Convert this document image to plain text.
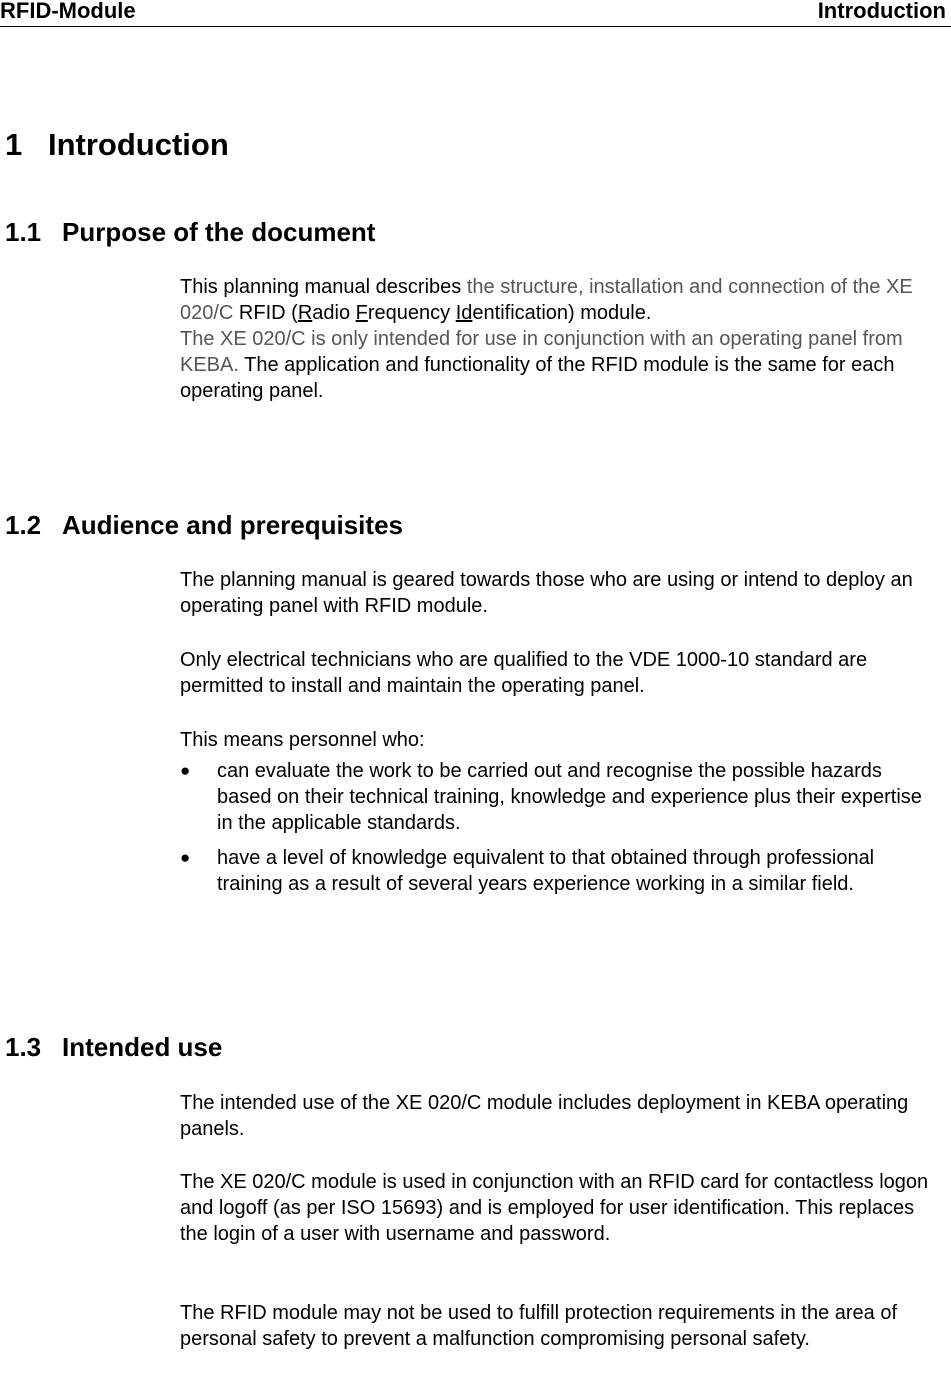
RFID-Module	Introduction
1 Introduction
1.1 Purpose of the document

This planning manual describes the structure, installation and connection of the XE 020/C RFID (Radio Frequency Identification) module.
The XE 020/C is only intended for use in conjunction with an operating panel from KEBA. The application and functionality of the RFID module is the same for each operating panel.

1.2 Audience and prerequisites

The planning manual is geared towards those who are using or intend to deploy an operating panel with RFID module.

Only electrical technicians who are qualified to the VDE 1000-10 standard are permitted to install and maintain the operating panel.

This means personnel who:

●	can evaluate the work to be carried out and recognise the possible hazards based on their technical training, knowledge and experience plus their expertise in the applicable standards.
●	have a level of knowledge equivalent to that obtained through professional training as a result of several years experience working in a similar field.
1.3 Intended use

The intended use of the XE 020/C module includes deployment in KEBA operating panels.

The XE 020/C module is used in conjunction with an RFID card for contactless logon and logoff (as per ISO 15693) and is employed for user identification. This replaces the login of a user with username and password.

The RFID module may not be used to fulfill protection requirements in the area of personal safety to prevent a malfunction compromising personal safety.
